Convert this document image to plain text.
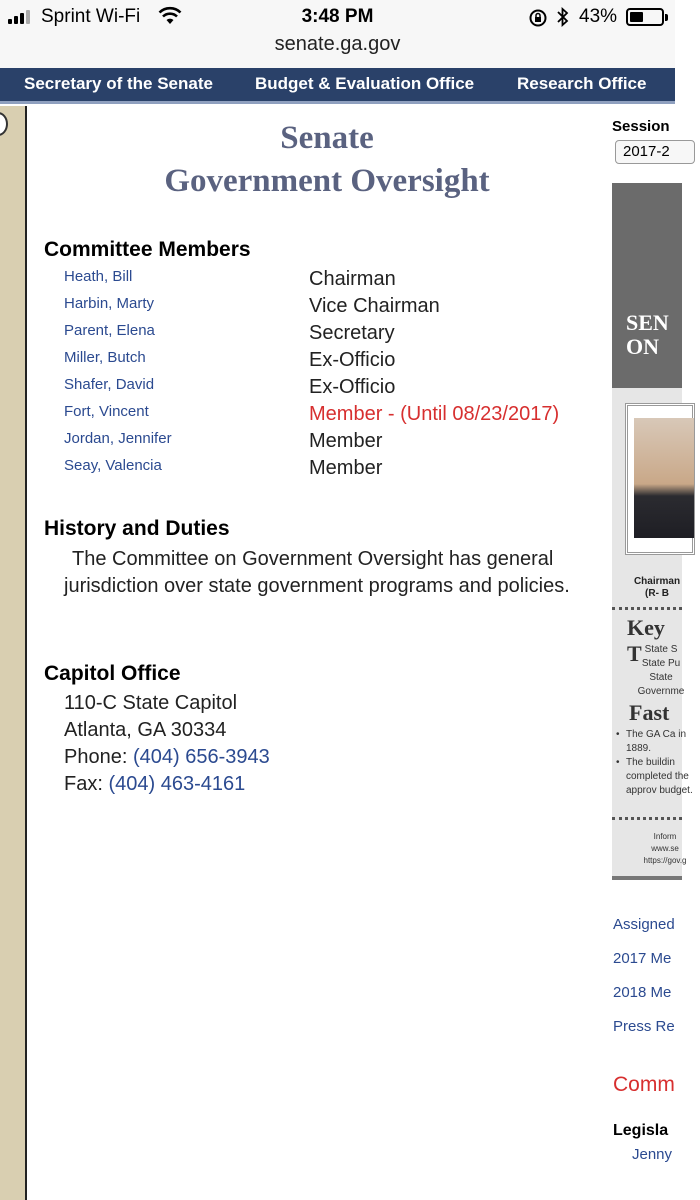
Sprint Wi-Fi	3:48 PM	43%
senate.ga.gov
Secretary of the Senate Budget & Evaluation Office	Research Office
Senate
Government Oversight
Committee Members
Heath, Bill	Chairman
Harbin, Marty	Vice Chairman
Parent, Elena	Secretary
Miller, Butch	Ex-Officio
Shafer, David	Ex-Officio
Fort, Vincent	Member - (Until 08/23/2017)
Jordan, Jennifer	Member
Seay, Valencia	Member
History and Duties
The Committee on Government Oversight has general jurisdiction over state government programs and policies.
Capitol Office
110-C State Capitol
Atlanta, GA 30334
Phone: (404) 656-3943
Fax: (404) 463-4161
Session
2017-2
SEN
ON
Chairman
(R- B
Key T State S
State Pu
State
Governme
Fast

• The GA Ca in 1889.

• The buildin completed the approv budget.

Inform
www.se
https://gov.g
Assigned
2017 Me
2018 Me
Press Re
Comm
Legisla
Jenny
